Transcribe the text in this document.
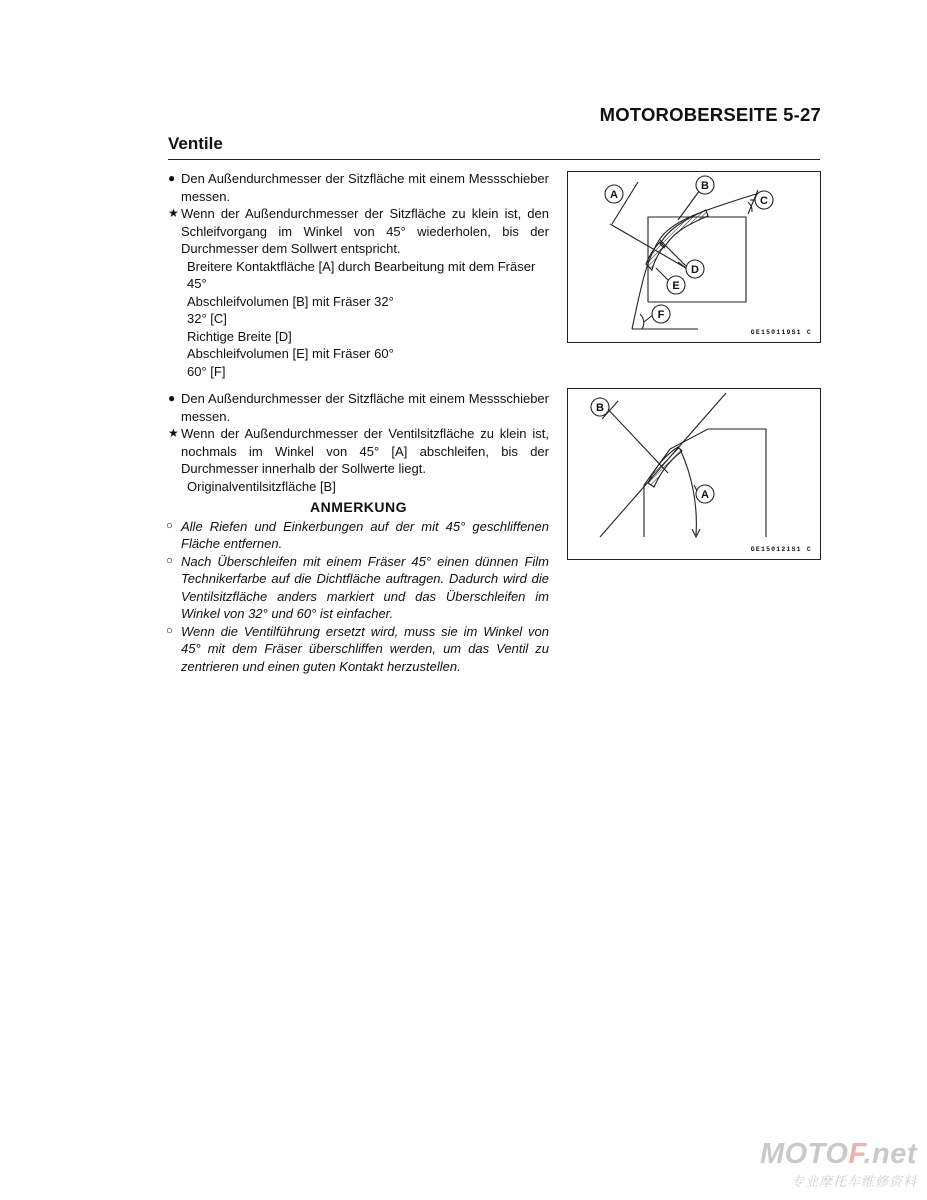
MOTOROBERSEITE 5-27
Ventile
● Den Außendurchmesser der Sitzfläche mit einem Messschieber messen.
★ Wenn der Außendurchmesser der Sitzfläche zu klein ist, den Schleifvorgang im Winkel von 45° wiederholen, bis der Durchmesser dem Sollwert entspricht.
Breitere Kontaktfläche [A] durch Bearbeitung mit dem Fräser 45°
Abschleifvolumen [B] mit Fräser 32°
32° [C]
Richtige Breite [D]
Abschleifvolumen [E] mit Fräser 60°
60° [F]
● Den Außendurchmesser der Sitzfläche mit einem Messschieber messen.
★ Wenn der Außendurchmesser der Ventilsitzfläche zu klein ist, nochmals im Winkel von 45° [A] abschleifen, bis der Durchmesser innerhalb der Sollwerte liegt.
Originalventilsitzfläche [B]
ANMERKUNG
○ Alle Riefen und Einkerbungen auf der mit 45° geschliffenen Fläche entfernen.
○ Nach Überschleifen mit einem Fräser 45° einen dünnen Film Technikerfarbe auf die Dichtfläche auftragen. Dadurch wird die Ventilsitzfläche anders markiert und das Überschleifen im Winkel von 32° und 60° ist einfacher.
○ Wenn die Ventilführung ersetzt wird, muss sie im Winkel von 45° mit dem Fräser überschliffen werden, um das Ventil zu zentrieren und einen guten Kontakt herzustellen.
A
B
C
D
E
F
GE150119S1 C
B
A
GE150121S1 C
MOTOF.net
专业摩托车维修资料
